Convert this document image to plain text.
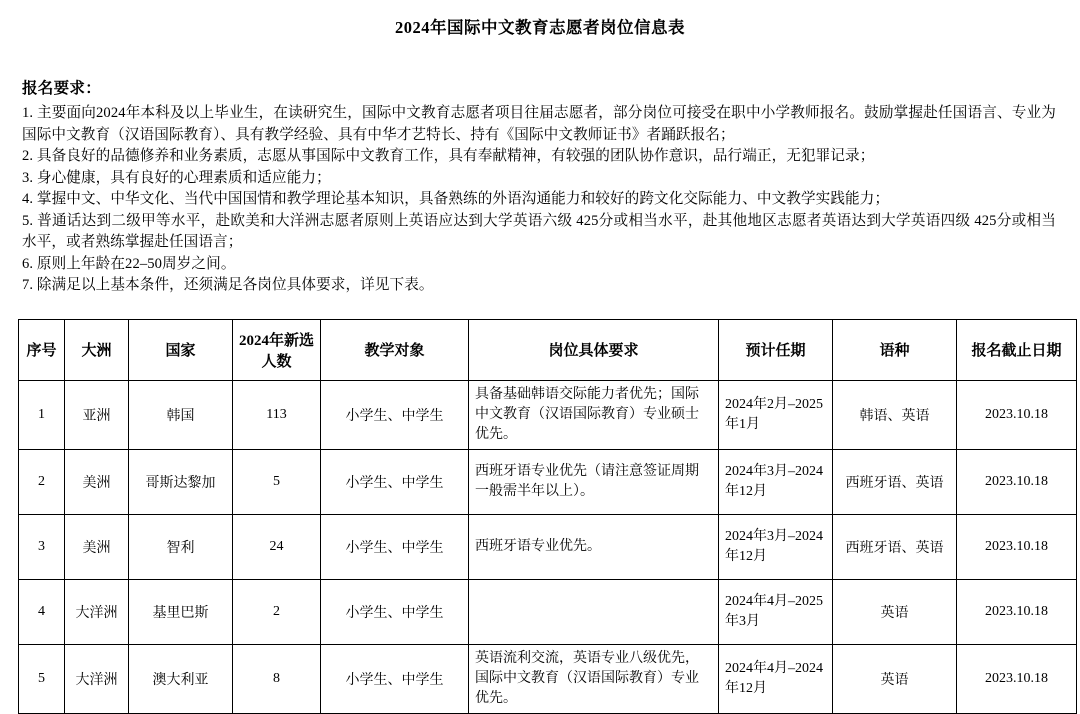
2024年国际中文教育志愿者岗位信息表
报名要求：
1. 主要面向2024年本科及以上毕业生，在读研究生，国际中文教育志愿者项目往届志愿者，部分岗位可接受在职中小学教师报名。鼓励掌握赴任国语言、专业为国际中文教育（汉语国际教育）、具有教学经验、具有中华才艺特长、持有《国际中文教师证书》者踊跃报名；
2. 具备良好的品德修养和业务素质，志愿从事国际中文教育工作，具有奉献精神，有较强的团队协作意识，品行端正，无犯罪记录；
3. 身心健康，具有良好的心理素质和适应能力；
4. 掌握中文、中华文化、当代中国国情和教学理论基本知识，具备熟练的外语沟通能力和较好的跨文化交际能力、中文教学实践能力；
5. 普通话达到二级甲等水平，赴欧美和大洋洲志愿者原则上英语应达到大学英语六级 425分或相当水平，赴其他地区志愿者英语达到大学英语四级 425分或相当水平，或者熟练掌握赴任国语言；
6. 原则上年龄在22–50周岁之间。
7. 除满足以上基本条件，还须满足各岗位具体要求，详见下表。
序号	大洲	国家	2024年新选人数	教学对象	岗位具体要求	预计任期	语种	报名截止日期
1	亚洲	韩国	113	小学生、中学生	具备基础韩语交际能力者优先；国际中文教育（汉语国际教育）专业硕士优先。	2024年2月–2025年1月	韩语、英语	2023.10.18
2	美洲	哥斯达黎加	5	小学生、中学生	西班牙语专业优先（请注意签证周期一般需半年以上）。	2024年3月–2024年12月	西班牙语、英语	2023.10.18
3	美洲	智利	24	小学生、中学生	西班牙语专业优先。	2024年3月–2024年12月	西班牙语、英语	2023.10.18
4	大洋洲	基里巴斯	2	小学生、中学生		2024年4月–2025年3月	英语	2023.10.18
5	大洋洲	澳大利亚	8	小学生、中学生	英语流利交流，英语专业八级优先，国际中文教育（汉语国际教育）专业优先。	2024年4月–2024年12月	英语	2023.10.18
